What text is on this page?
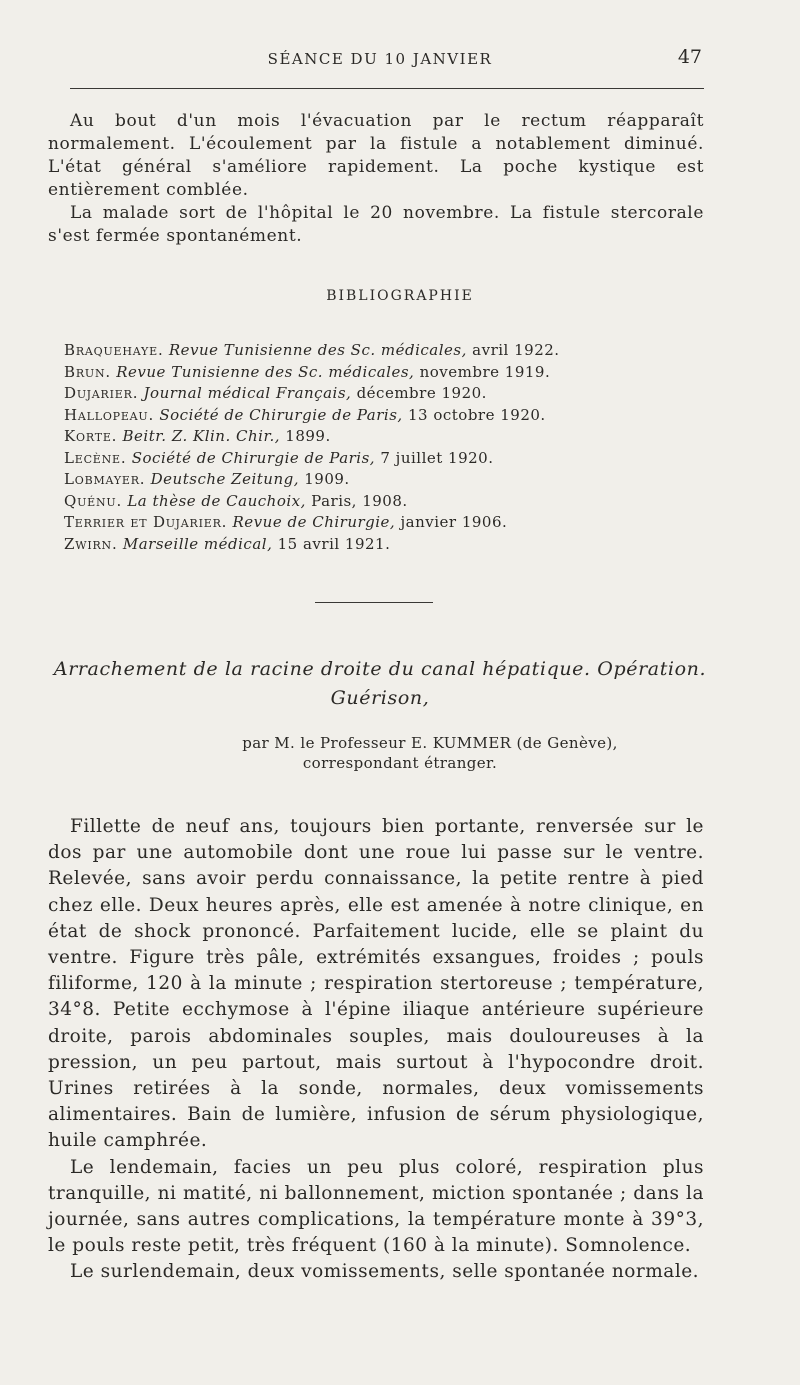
SÉANCE DU 10 JANVIER	47

Au bout d'un mois l'évacuation par le rectum réapparaît normalement. L'écoulement par la fistule a notablement diminué. L'état général s'améliore rapidement. La poche kystique est entièrement comblée.

La malade sort de l'hôpital le 20 novembre. La fistule stercorale s'est fermée spontanément.

BIBLIOGRAPHIE
Braquehaye. Revue Tunisienne des Sc. médicales, avril 1922.
Brun. Revue Tunisienne des Sc. médicales, novembre 1919.
Dujarier. Journal médical Français, décembre 1920.
Hallopeau. Société de Chirurgie de Paris, 13 octobre 1920.
Korte. Beitr. Z. Klin. Chir., 1899.
Lecène. Société de Chirurgie de Paris, 7 juillet 1920.
Lobmayer. Deutsche Zeitung, 1909.
Quénu. La thèse de Cauchoix, Paris, 1908.
Terrier et Dujarier. Revue de Chirurgie, janvier 1906.
Zwirn. Marseille médical, 15 avril 1921.
Arrachement de la racine droite du canal hépatique. Opération.
Guérison,
par M. le Professeur E. KUMMER (de Genève),
correspondant étranger.

Fillette de neuf ans, toujours bien portante, renversée sur le dos par une automobile dont une roue lui passe sur le ventre. Relevée, sans avoir perdu connaissance, la petite rentre à pied chez elle. Deux heures après, elle est amenée à notre clinique, en état de shock prononcé. Parfaitement lucide, elle se plaint du ventre. Figure très pâle, extrémités exsangues, froides ; pouls filiforme, 120 à la minute ; respiration stertoreuse ; température, 34°8. Petite ecchymose à l'épine iliaque antérieure supérieure droite, parois abdominales souples, mais douloureuses à la pression, un peu partout, mais surtout à l'hypocondre droit. Urines retirées à la sonde, normales, deux vomissements alimentaires. Bain de lumière, infusion de sérum physiologique, huile camphrée.

Le lendemain, facies un peu plus coloré, respiration plus tranquille, ni matité, ni ballonnement, miction spontanée ; dans la journée, sans autres complications, la température monte à 39°3, le pouls reste petit, très fréquent (160 à la minute). Somnolence.

Le surlendemain, deux vomissements, selle spontanée normale.
